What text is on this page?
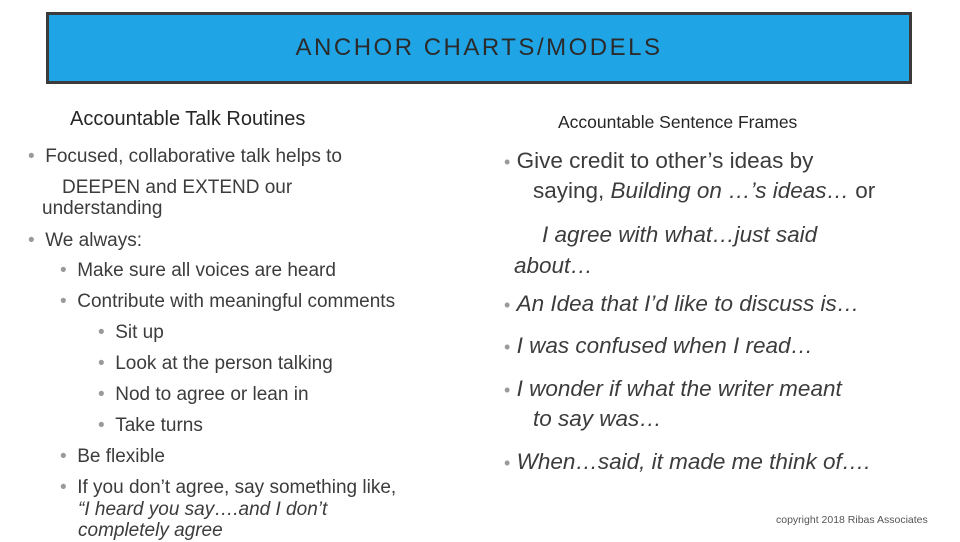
ANCHOR CHARTS/MODELS
Accountable Talk Routines
• Focused, collaborative talk helps to
DEEPEN and EXTEND our
understanding
• We always:
• Make sure all voices are heard
• Contribute with meaningful comments
• Sit up
• Look at the person talking
• Nod to agree or lean in
• Take turns
• Be flexible
• If you don’t agree, say something like,
“I heard you say….and I don’t
completely agree
Accountable Sentence Frames
• Give credit to other’s ideas by
saying, Building on …’s ideas… or
I agree with what…just said
about…
• An Idea that I’d like to discuss is…
• I was confused when I read…
• I wonder if what the writer meant
to say was…
• When…said, it made me think of….
copyright 2018 Ribas Associates
